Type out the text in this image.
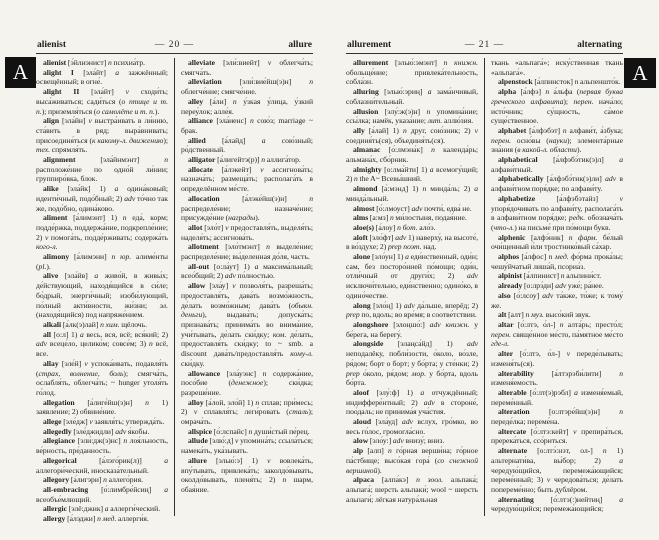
A	A
alienist	— 20 —	allure

alienist [э́йлиэнист] n психиа́тр.

alight I [эла́йт] a зажжённый; освещённый; в огне́.

alight II [эла́йт] v сходи́ть; выса́живаться; сади́ться (о птице и т. п.); приземля́ться (о самолёте и т. п.).

align [эла́йн] v выстра́ивать в ли́нию, ста́вить в ряд; выра́внивать; присоединя́ться (к какому-л. движению); тех. спрямля́ть.

alignment	[эла́йнмэнт] n расположе́ние по одно́й ли́нии; группиро́вка, блок.

alike [эла́йк] 1) a одина́ковый; иденти́чный, подо́бный; 2) adv то́чно так же, подо́бно, одина́ково.

aliment [а́лимэнт] 1) n еда́, корм; подде́ржка, поддержа́ние, подкрепле́ние; 2) v помога́ть, подде́рживать; содержа́ть кого-л.

alimony [а́лимэни] n юр. алиме́нты (pl.).

alive [эла́йв] a живо́й, в живы́х; де́йствующий, находя́щийся в си́ле; бо́дрый, энерги́чный; изоби́лующий, по́лный акти́вности, жи́зни; эл. (находя́щийся) под напряже́нием.

alkali [а́лк(э)лай] n хим. щёлочь.

all [о:л] 1) a весь, вся, всё; вся́кий; 2) adv всеце́ло, целико́м; совсе́м; 3) n всё, все.

allay [эле́й] v успока́ивать, подавля́ть (страх, волнение, боль); смягча́ть, ослабля́ть, облегча́ть; ~ hunger утоля́ть го́лод.

allegation [а́лиге́йш(э)н] n 1) заявле́ние; 2) обвине́ние.

allege [эле́дж] v заявля́ть; утвержда́ть.

allegedly [эле́джидли] adv я́кобы.

allegiance [эли́:дж(э)нс] n лоя́льность, ве́рность, пре́данность.

allegorical	[а́лэго́рик(л)] a аллегори́ческий, иносказа́тельный.

allegory [а́лигэри] n аллего́рия.

all-embracing [о́:лимбре́йсиң] a всеобъе́млющий.

allergic [элё:джик] a аллерги́ческий.

allergy [а́лэджи] n мед. аллерги́я.

alleviate [эли́:виейт] v облегча́ть; смягча́ть.

alleviation [эли́:вие́йш(э)н] n облегче́ние; смягче́ние.

alley [а́ли] n у́зкая у́лица, у́зкий переу́лок; алле́я.

alliance [эла́иенс] n сою́з; marriage ~ брак.

allied [а́лайд] a сою́зный; ро́дственный.

alligator [а́лигейтэ(р)] n аллига́тор.

allocate [а́лэкейт] v ассигнова́ть; назнача́ть; размеща́ть; располага́ть в определённом ме́сте.

allocation	[а́лэке́йш(э)н] n распределе́ние; назначе́ние; присужде́ние (награды).

allot [эло́т] v предоставля́ть, выделя́ть; наделя́ть; ассигнова́ть.

allotment [эло́тмэнт] n выделе́ние; распределе́ние; вы́деленная до́ля, часть.

all-out [о:ла́ут] 1) a максима́льный; всео́бщий; 2) adv по́лностью.

allow [эла́у] v позволя́ть, разреша́ть; предоставля́ть, дава́ть возмо́жность, де́лать возмо́жным; дава́ть (обыкн. деньги), выдава́ть; допуска́ть; признава́ть; принима́ть во внима́ние, учи́тывать, де́лать ски́дку; ком. де́лать, предоставля́ть ски́дку; to ~ smb. a discount дава́ть/предоставля́ть кому-л. ски́дку.

allowance [эла́уэнс] n содержа́ние, посо́бие (денежное); ски́дка; разреше́ние.

alloy [а́лой, эло́й] 1) n сплав; при́месь; 2) v сплавля́ть; леги́ровать (сталь); омрача́ть.

allspice [о́:лспайс] n души́стый пе́рец.

allude [элю́:д] v упомина́ть; ссыла́ться; намека́ть, ука́зывать.

allure [элью́:э] 1) v вовлека́ть, впу́тывать, привлека́ть; заколдо́вывать, околдо́вывать, пленя́ть; 2) n шарм, обая́ние.

allurement	— 21 —	alternating

allurement [элью́:эмэнт] n книжн. обольще́ние; привлека́тельность, собла́зн.

alluring [элью́:эриң] a зама́нчивый, соблазни́тельный.

allusion [элу́:ж(э)н] n упомина́ние; ссы́лка; намёк, указа́ние; лит. аллю́зия.

ally [а́лай] 1) n друг, сою́зник; 2) v соединя́ть(ся), объединя́ть(ся).

almanac [о́:лмэна́к] n календа́рь; альмана́х, сбо́рник.

almighty [о:лма́йти] 1) a всемогу́щий; 2) n the A~ Всевы́шний.

almond [а́:мэнд] 1) n минда́ль; 2) a минда́льный.

almost [о́:лмоуст] adv почти́, едва́ не.

alms [а:мз] n ми́лостыня, подая́ние.

aloe(s) [а́лоу] n бот. ало́э.

aloft [эло́фт] adv 1) наверху́, на высоте́, в во́здухе; 2) prep поэт. над.

alone [эло́ун] 1) a еди́нственный, оди́н; сам, без посторо́нней по́мощи; оди́н, отли́чный от други́х; 2) adv исключи́тельно, еди́нственно; одино́ко, в одино́честве.

along [эло́ң] 1) adv да́льше, вперёд; 2) prep по, вдоль; во вре́мя; в соотве́тствии.

alongshore [элоңшо́:] adv книжн. у бе́рега, на берегу́.

alongside [элаңса́йд] 1) adv неподалёку, побли́зости, о́коло, во́зле, ря́дом; борт о борт; у бо́рта; у сте́нки; 2) prep о́коло, ря́дом; мор. у бо́рта, вдоль бо́рта.

aloof [элу́:ф] 1) a отчуждённый; индиффере́нтный; 2) adv в стороне́, поо́даль; не принима́я уча́стия.

aloud [эла́уд] adv вслух, гро́мко, во весь го́лос, громогла́сно.

alow [эло́у:] adv внизу́; вниз.

alp [алп] n го́рная верши́на; го́рное па́стбище; высо́кая гора́ (со снежной вершиной).

alpaca [алпа́кэ] n зоол. альпака́; альпага́; шерсть альпаки́; wool ~ шерсть альпаги́; лёгкая натура́льная

ткань «альпага́»; иску́ственная ткань «альпага́».

alpenstock [а́лпинсток] n альпеншто́к.

alpha [а́лфэ] n а́льфа (первая буква греческого алфавита); перен. нача́ло; исто́чник; су́щность, са́мое суще́ственное.

alphabet [а́лфэбэт] n алфави́т, а́збука; перен. осно́вы (науки); элемента́рные зна́ния (в какой-л. области).

alphabetical [а́лфэбэ́тик(э)л] a алфави́тный.

alphabetically [а́лфэбэ́тик(э)ли] adv в алфави́тном поря́дке; по алфави́ту.

alphabetize	[а́лфэбэтайз] v упоря́дочивать по алфави́ту, располага́ть в алфави́тном поря́дке; редк. обознача́ть (что-л.) на письме́ при по́мощи букв.

alphenic [алфэ́ник] n фарм. бе́лый очи́щенный и́ли тростнико́вый са́хар.

alphos [а́лфос] n мед. фо́рма прока́зы; чешу́йчатый лиша́й, псориа́з.

alpinist [а́лпинист] n альпини́ст.

already [о:лрэ́ди] adv уже́; ра́нее.

also [о́:лсоу] adv та́кже, то́же; к тому́ же.

alt [алт] n муз. высо́кий звук.

altar [о́:лтэ, о́л-] n алта́рь; престо́л; перен. свяще́нное ме́сто, па́мятное ме́сто где-л.

alter [о́:лтэ, о́л-] v переде́лывать; изменя́ть(ся).

alterability [а́лтэрэби́лити] n изменя́емость.

alterable [о́:лт(э)рэбл] a изменя́емый, переме́нный.

alteration	[о:лтэре́йш(э)н] n переде́лка; переме́на.

altercate [о́:лтэ:кейт] v препира́ться, пререка́ться, ссо́риться.

alternate [о:лтэ́:нэт, ол-] n 1) альтернати́ва, вы́бор; 2) a чередую́щийся, перемежа́ющийся; переме́нный; 3) v чередова́ться; де́лать попереме́нно; быть дублёром.

alternating [о́:лтэ(:)нейтиң] a чередую́щийся; перемежа́ющийся;
